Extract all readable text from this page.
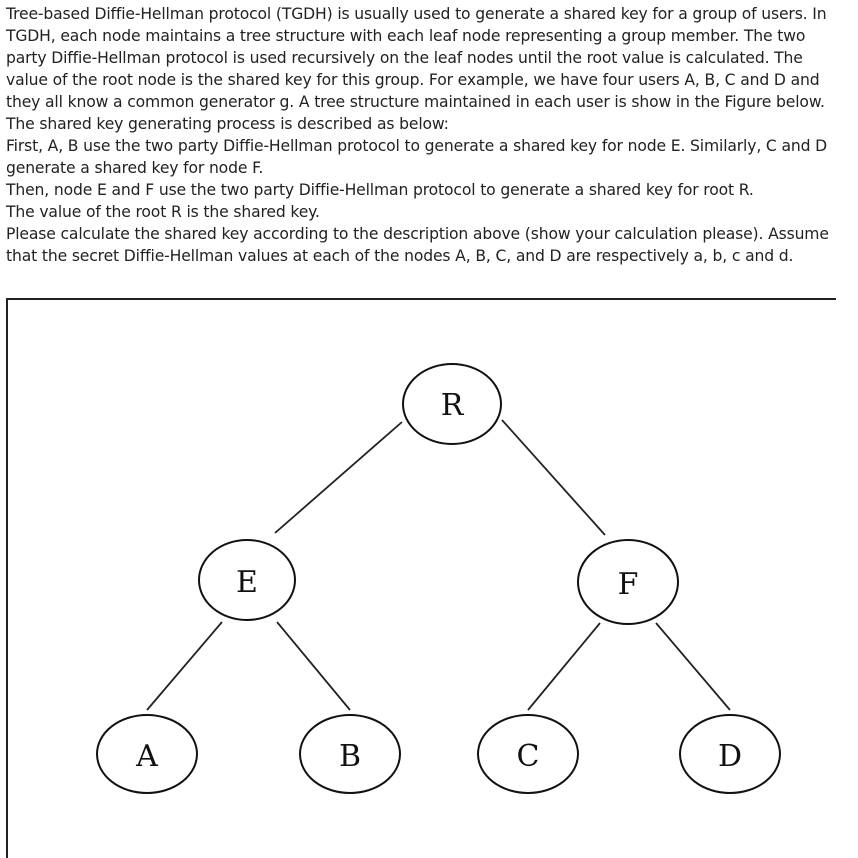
Tree-based Diffie-Hellman protocol (TGDH) is usually used to generate a shared key for a group of users. In TGDH, each node maintains a tree structure with each leaf node representing a group member. The two party Diffie-Hellman protocol is used recursively on the leaf nodes until the root value is calculated. The value of the root node is the shared key for this group. For example, we have four users A, B, C and D and they all know a common generator g. A tree structure maintained in each user is show in the Figure below.

The shared key generating process is described as below:

First, A, B use the two party Diffie-Hellman protocol to generate a shared key for node E. Similarly, C and D generate a shared key for node F.

Then, node E and F use the two party Diffie-Hellman protocol to generate a shared key for root R.

The value of the root R is the shared key.

Please calculate the shared key according to the description above (show your calculation please). Assume that the secret Diffie-Hellman values at each of the nodes A, B, C, and D are respectively a, b, c and d.

R
E	F
A	B	C	D
